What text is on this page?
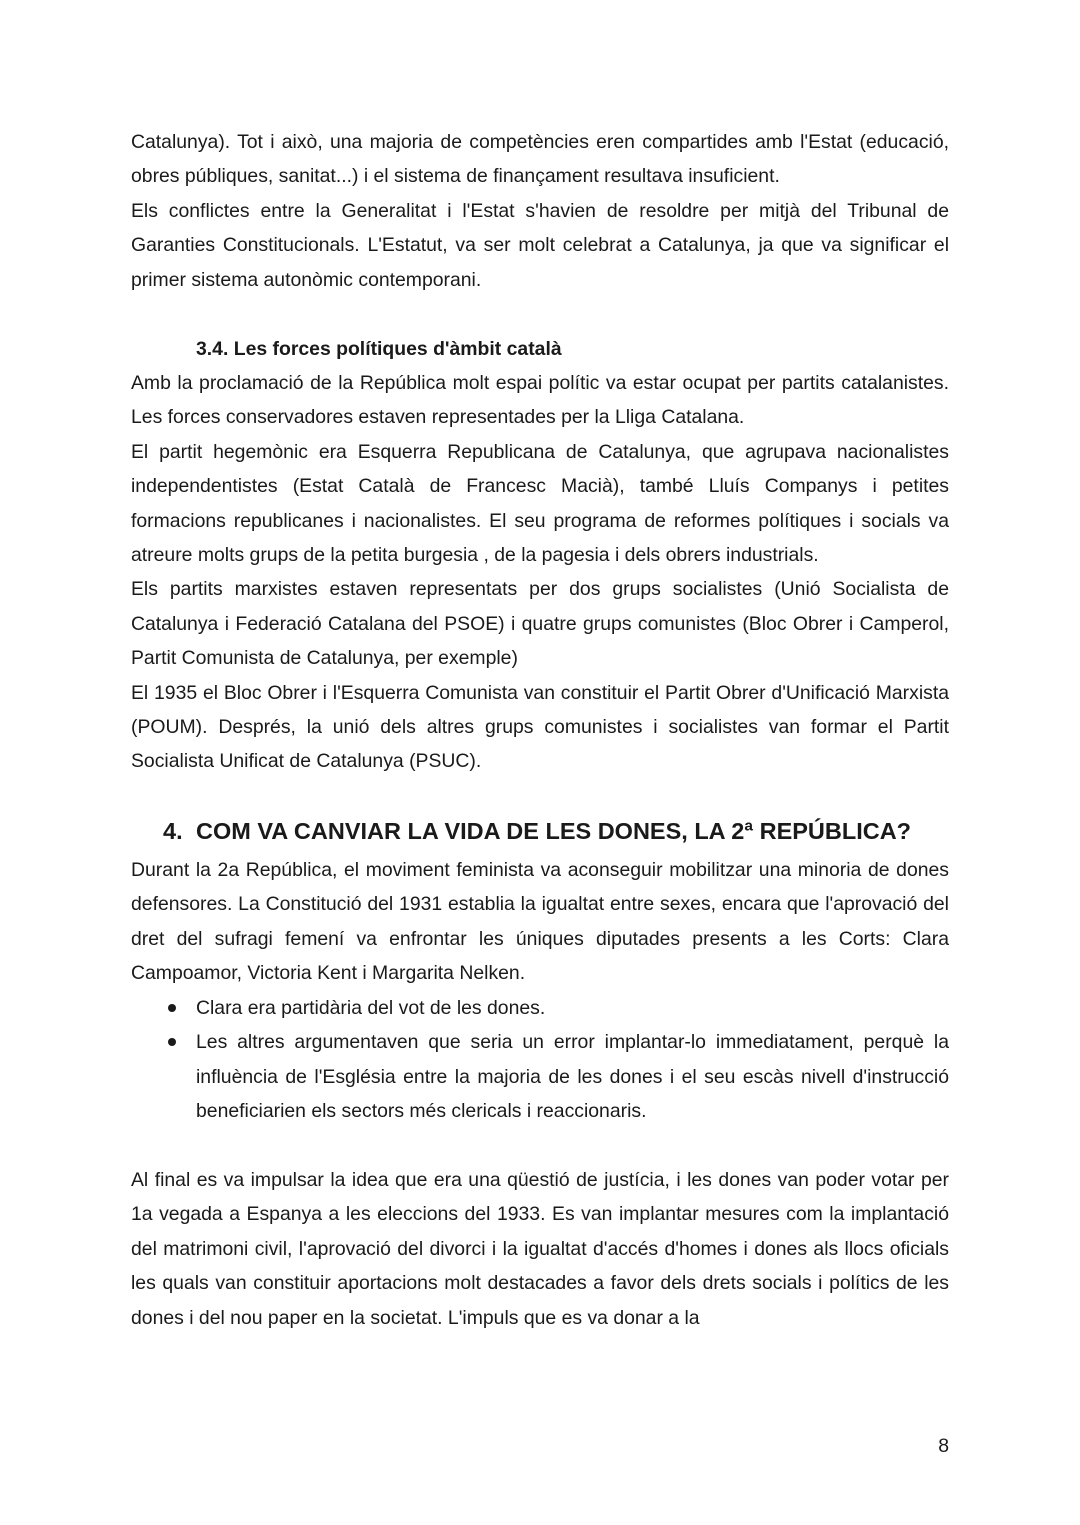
Catalunya). Tot i això, una majoria de competències eren compartides amb l'Estat (educació, obres públiques, sanitat...) i el sistema de finançament resultava insuficient.

Els conflictes entre la Generalitat i l'Estat s'havien de resoldre per mitjà del Tribunal de Garanties Constitucionals. L'Estatut, va ser molt celebrat a Catalunya, ja que va significar el primer sistema autonòmic contemporani.

3.4. Les forces polítiques d'àmbit català

Amb la proclamació de la República molt espai polític va estar ocupat per partits catalanistes. Les forces conservadores estaven representades per la Lliga Catalana.

El partit hegemònic era Esquerra Republicana de Catalunya, que agrupava nacionalistes independentistes (Estat Català de Francesc Macià), també Lluís Companys i petites formacions republicanes i nacionalistes. El seu programa de reformes polítiques i socials va atreure molts grups de la petita burgesia , de la pagesia i dels obrers industrials.

Els partits marxistes estaven representats per dos grups socialistes (Unió Socialista de Catalunya i Federació Catalana del PSOE) i quatre grups comunistes (Bloc Obrer i Camperol, Partit Comunista de Catalunya, per exemple)

El 1935 el Bloc Obrer i l'Esquerra Comunista van constituir el Partit Obrer d'Unificació Marxista (POUM). Després, la unió dels altres grups comunistes i socialistes van formar el Partit Socialista Unificat de Catalunya (PSUC).

4. COM VA CANVIAR LA VIDA DE LES DONES, LA 2ª REPÚBLICA?

Durant la 2a República, el moviment feminista va aconseguir mobilitzar una minoria de dones defensores. La Constitució del 1931 establia la igualtat entre sexes, encara que l'aprovació del dret del sufragi femení va enfrontar les úniques diputades presents a les Corts: Clara Campoamor, Victoria Kent i Margarita Nelken.

Clara era partidària del vot de les dones.
Les altres argumentaven que seria un error implantar-lo immediatament, perquè la influència de l'Església entre la majoria de les dones i el seu escàs nivell d'instrucció beneficiarien els sectors més clericals i reaccionaris.

Al final es va impulsar la idea que era una qüestió de justícia, i les dones van poder votar per 1a vegada a Espanya a les eleccions del 1933. Es van implantar mesures com la implantació del matrimoni civil, l'aprovació del divorci i la igualtat d'accés d'homes i dones als llocs oficials les quals van constituir aportacions molt destacades a favor dels drets socials i polítics de les dones i del nou paper en la societat. L'impuls que es va donar a la

8
